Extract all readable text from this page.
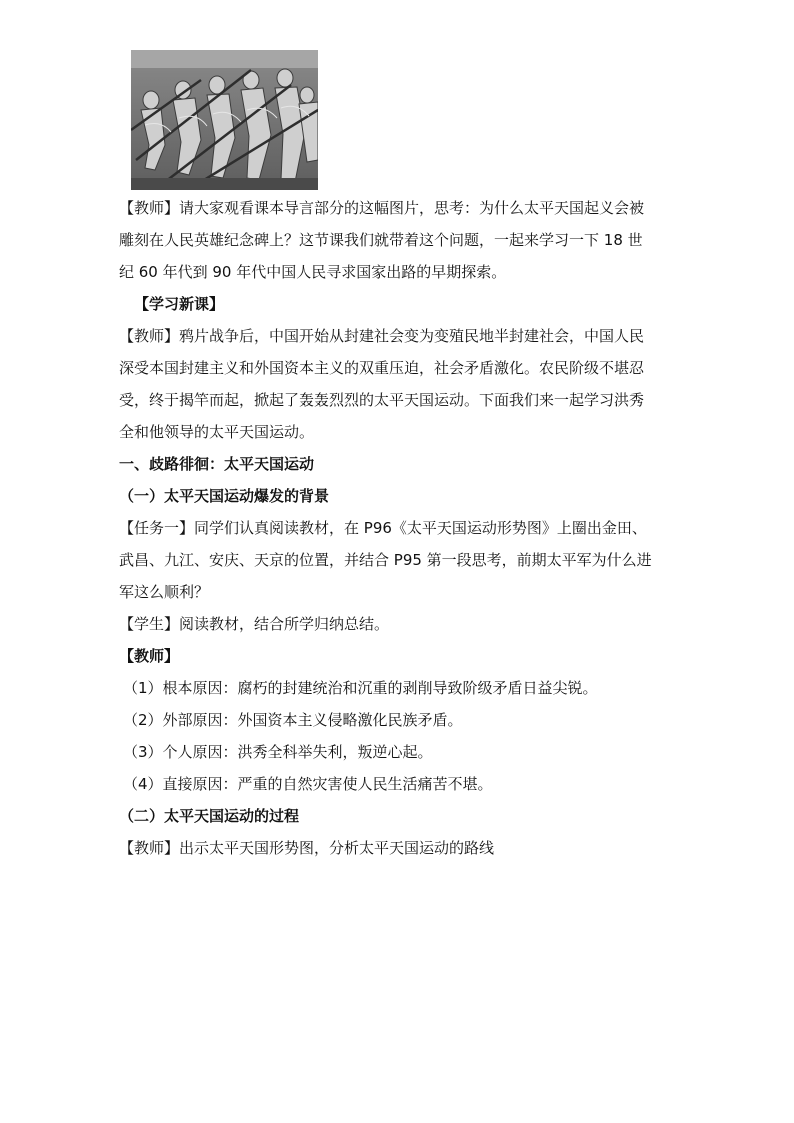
【教师】请大家观看课本导言部分的这幅图片，思考：为什么太平天国起义会被
雕刻在人民英雄纪念碑上？这节课我们就带着这个问题，一起来学习一下 18 世
纪 60 年代到 90 年代中国人民寻求国家出路的早期探索。

【学习新课】

【教师】鸦片战争后，中国开始从封建社会变为变殖民地半封建社会，中国人民
深受本国封建主义和外国资本主义的双重压迫，社会矛盾激化。农民阶级不堪忍
受，终于揭竿而起，掀起了轰轰烈烈的太平天国运动。下面我们来一起学习洪秀
全和他领导的太平天国运动。

一、歧路徘徊：太平天国运动

（一）太平天国运动爆发的背景

【任务一】同学们认真阅读教材，在 P96《太平天国运动形势图》上圈出金田、
武昌、九江、安庆、天京的位置，并结合 P95 第一段思考，前期太平军为什么进
军这么顺利？

【学生】阅读教材，结合所学归纳总结。

【教师】

（1）根本原因：腐朽的封建统治和沉重的剥削导致阶级矛盾日益尖锐。

（2）外部原因：外国资本主义侵略激化民族矛盾。

（3）个人原因：洪秀全科举失利，叛逆心起。

（4）直接原因：严重的自然灾害使人民生活痛苦不堪。

（二）太平天国运动的过程

【教师】出示太平天国形势图，分析太平天国运动的路线
